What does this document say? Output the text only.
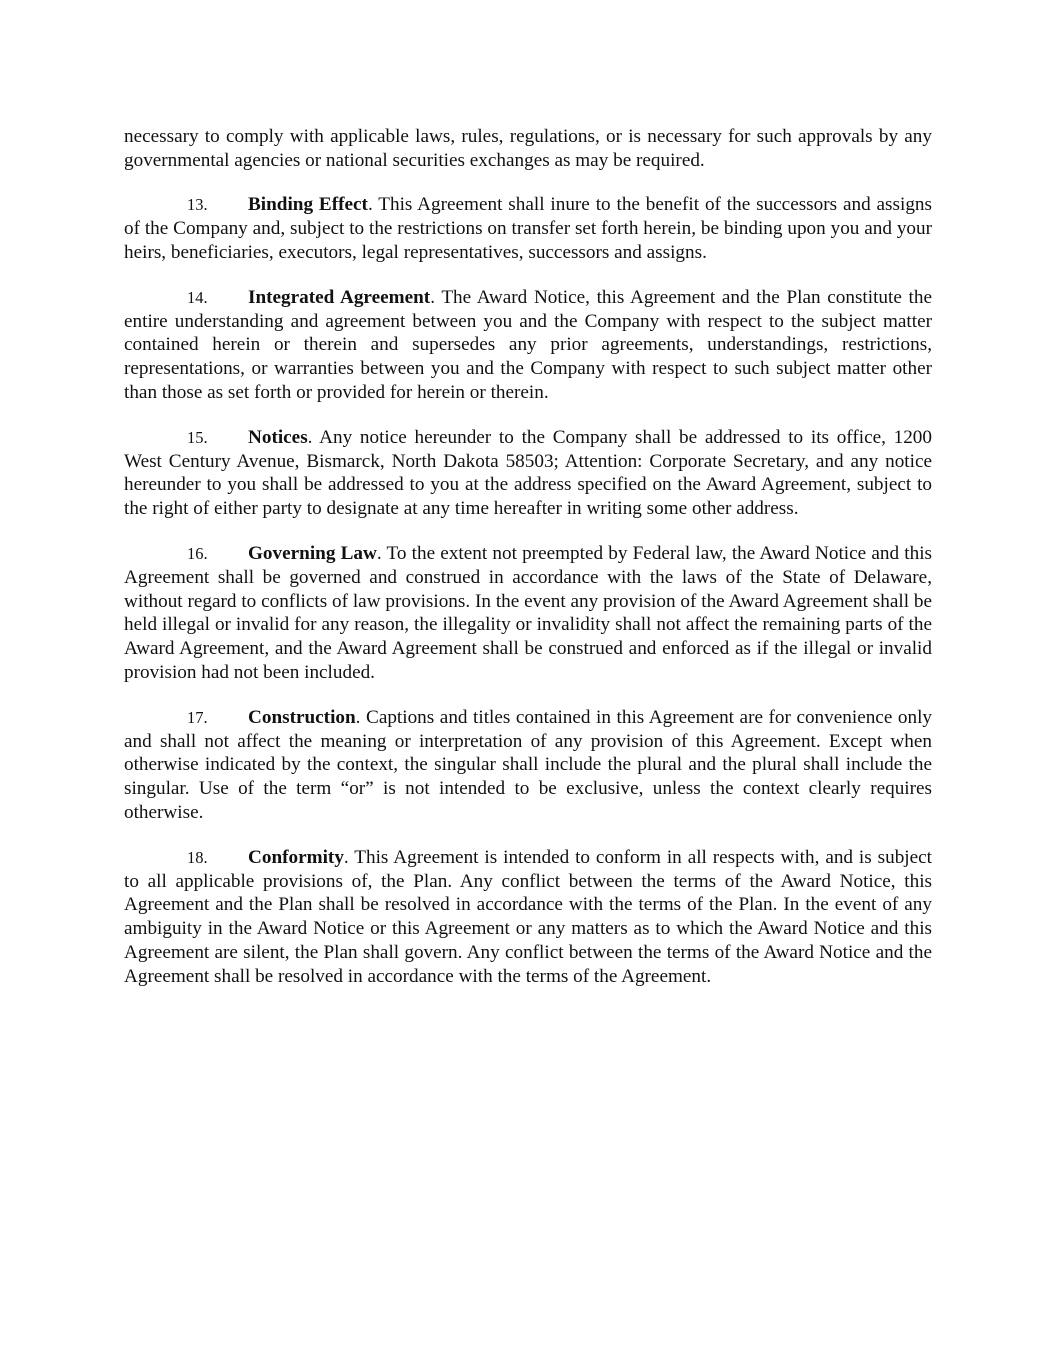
necessary to comply with applicable laws, rules, regulations, or is necessary for such approvals by any governmental agencies or national securities exchanges as may be required.

13. Binding Effect. This Agreement shall inure to the benefit of the successors and assigns of the Company and, subject to the restrictions on transfer set forth herein, be binding upon you and your heirs, beneficiaries, executors, legal representatives, successors and assigns.

14. Integrated Agreement. The Award Notice, this Agreement and the Plan constitute the entire understanding and agreement between you and the Company with respect to the subject matter contained herein or therein and supersedes any prior agreements, understandings, restrictions, representations, or warranties between you and the Company with respect to such subject matter other than those as set forth or provided for herein or therein.

15. Notices. Any notice hereunder to the Company shall be addressed to its office, 1200 West Century Avenue, Bismarck, North Dakota 58503; Attention: Corporate Secretary, and any notice hereunder to you shall be addressed to you at the address specified on the Award Agreement, subject to the right of either party to designate at any time hereafter in writing some other address.

16. Governing Law. To the extent not preempted by Federal law, the Award Notice and this Agreement shall be governed and construed in accordance with the laws of the State of Delaware, without regard to conflicts of law provisions. In the event any provision of the Award Agreement shall be held illegal or invalid for any reason, the illegality or invalidity shall not affect the remaining parts of the Award Agreement, and the Award Agreement shall be construed and enforced as if the illegal or invalid provision had not been included.

17. Construction. Captions and titles contained in this Agreement are for convenience only and shall not affect the meaning or interpretation of any provision of this Agreement. Except when otherwise indicated by the context, the singular shall include the plural and the plural shall include the singular. Use of the term “or” is not intended to be exclusive, unless the context clearly requires otherwise.

18. Conformity. This Agreement is intended to conform in all respects with, and is subject to all applicable provisions of, the Plan. Any conflict between the terms of the Award Notice, this Agreement and the Plan shall be resolved in accordance with the terms of the Plan. In the event of any ambiguity in the Award Notice or this Agreement or any matters as to which the Award Notice and this Agreement are silent, the Plan shall govern. Any conflict between the terms of the Award Notice and the Agreement shall be resolved in accordance with the terms of the Agreement.
